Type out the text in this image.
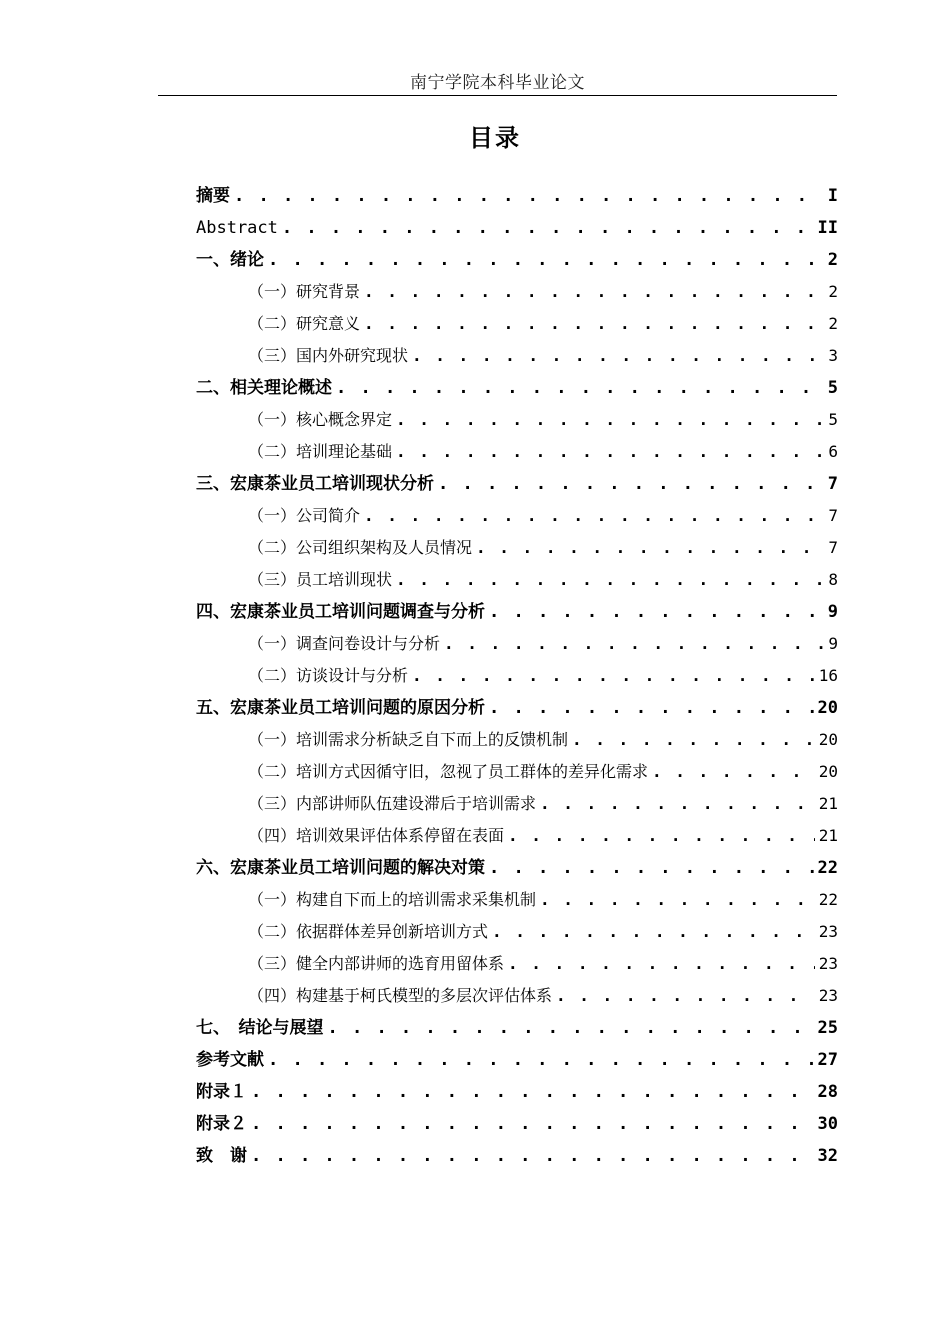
南宁学院本科毕业论文
目录
摘要 . . .	I
Abstract . . .	II
一、绪论 . . .	2
（一）研究背景 . . .	2
（二）研究意义 . . .	2
（三）国内外研究现状 . . .	3
二、相关理论概述 . . .	5
（一）核心概念界定 . . .	5
（二）培训理论基础 . . .	6
三、宏康茶业员工培训现状分析 . . .	7
（一）公司简介 . . .	7
（二）公司组织架构及人员情况 . . .	7
（三）员工培训现状 . . .	8
四、宏康茶业员工培训问题调查与分析 . . .	9
（一）调查问卷设计与分析 . . .	9
（二）访谈设计与分析 . . .	16
五、宏康茶业员工培训问题的原因分析 . . .	20
（一）培训需求分析缺乏自下而上的反馈机制 . . .	20
（二）培训方式因循守旧，忽视了员工群体的差异化需求 . . .	20
（三）内部讲师队伍建设滞后于培训需求 . . .	21
（四）培训效果评估体系停留在表面 . . .	21
六、宏康茶业员工培训问题的解决对策 . . .	22
（一）构建自下而上的培训需求采集机制 . . .	22
（二）依据群体差异创新培训方式 . . .	23
（三）健全内部讲师的选育用留体系 . . .	23
（四）构建基于柯氏模型的多层次评估体系 . . .	23
七、　结论与展望 . . .	25
参考文献 . . .	27
附录１ . . .	28
附录２ . . .	30
致　谢 . . .	32
